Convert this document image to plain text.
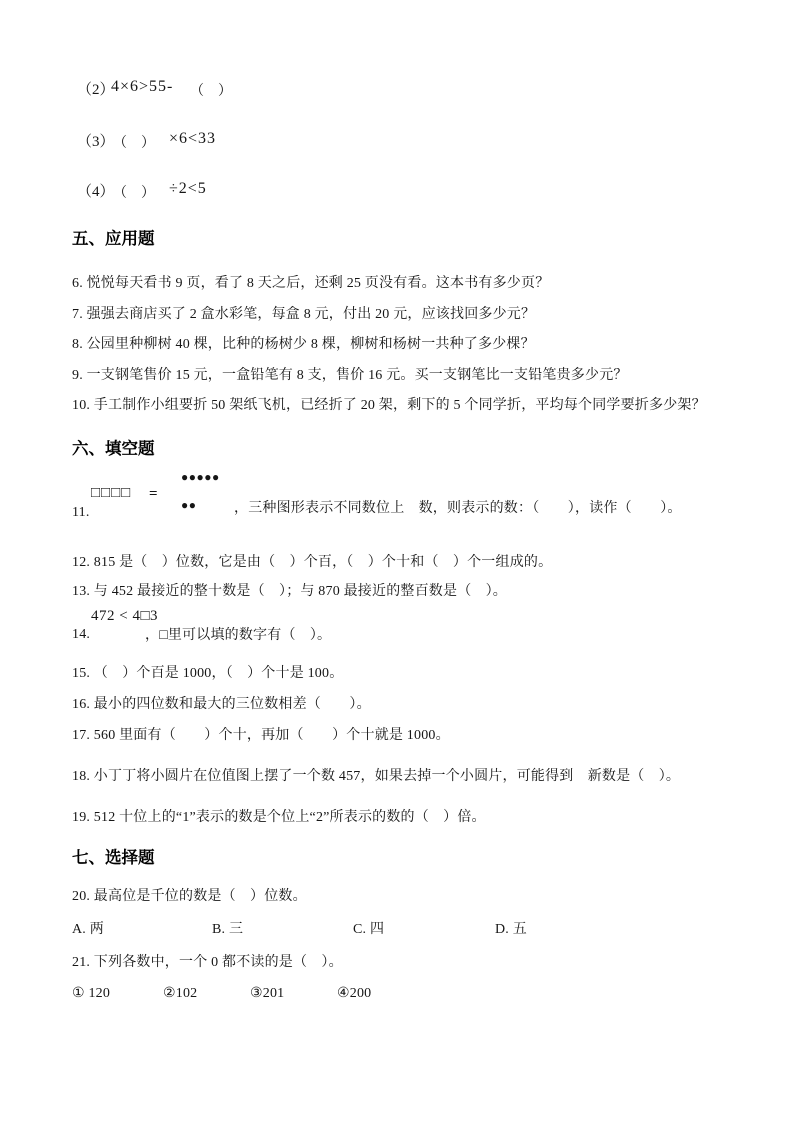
（2）
4×6>55- （　）
（3）
（　） ×6<33
（4）
（　） ÷2<5
五、应用题
6. 悦悦每天看书 9 页，看了 8 天之后，还剩 25 页没有看。这本书有多少页？
7. 强强去商店买了 2 盒水彩笔，每盒 8 元，付出 20 元，应该找回多少元？
8. 公园里种柳树 40 棵，比种的杨树少 8 棵，柳树和杨树一共种了多少棵？
9. 一支钢笔售价 15 元，一盒铅笔有 8 支，售价 16 元。买一支钢笔比一支铅笔贵多少元？
10. 手工制作小组要折 50 架纸飞机，已经折了 20 架，剩下的 5 个同学折，平均每个同学要折多少架？
六、填空题
11.
□□□□ =
●●●●●
●●	，三种图形表示不同数位上　数，则表示的数：（　　），读作（　　）。
12. 815 是（　）位数，它是由（　）个百，（　）个十和（　）个一组成的。
13. 与 452 最接近的整十数是（　）；与 870 最接近的整百数是（　）。
472 < 4□3
14.	，□里可以填的数字有（　）。
15. （　）个百是 1000，（　）个十是 100。
16. 最小的四位数和最大的三位数相差（　　）。
17. 560 里面有（　　）个十，再加（　　）个十就是 1000。
18. 小丁丁将小圆片在位值图上摆了一个数 457，如果去掉一个小圆片，可能得到　新数是（　）。
19. 512 十位上的“1”表示的数是个位上“2”所表示的数的（　）倍。
七、选择题
20. 最高位是千位的数是（　）位数。
A. 两	B. 三	C. 四	D. 五
21. 下列各数中，一个 0 都不读的是（　）。
① 120	②102	③201	④200
